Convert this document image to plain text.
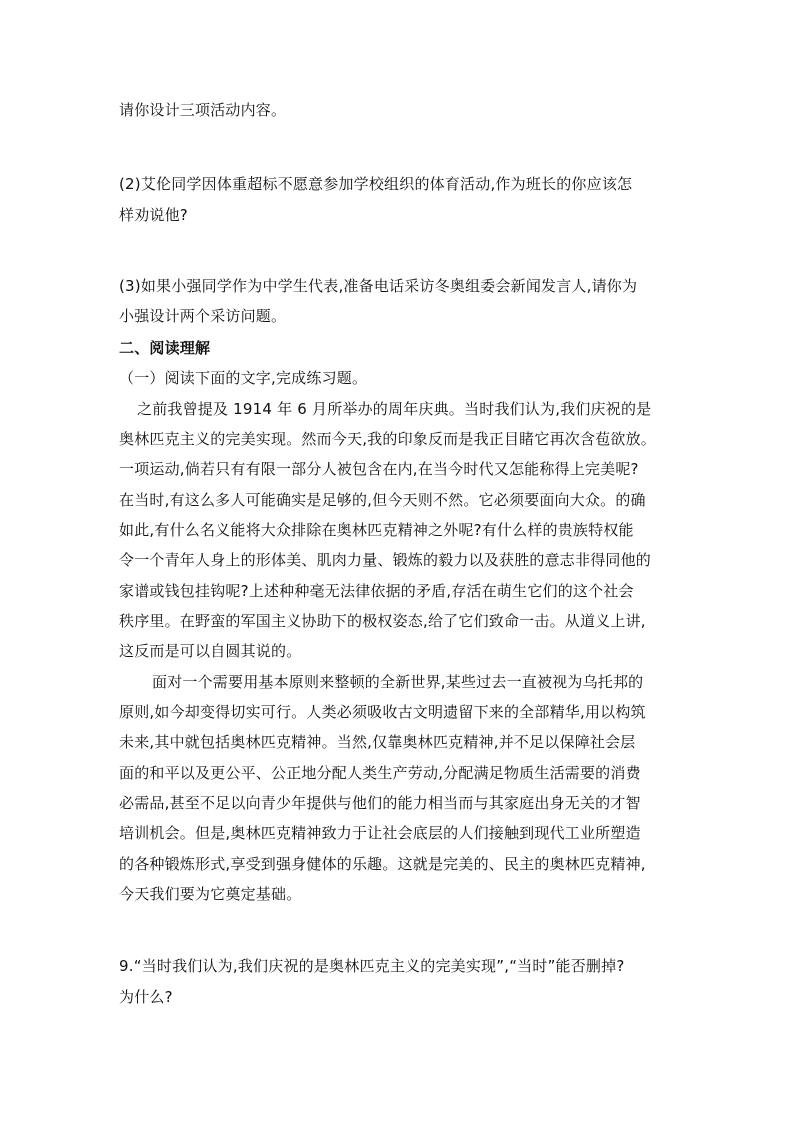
请你设计三项活动内容。
(2)艾伦同学因体重超标不愿意参加学校组织的体育活动,作为班长的你应该怎
样劝说他?
(3)如果小强同学作为中学生代表,准备电话采访冬奥组委会新闻发言人,请你为
小强设计两个采访问题。
二、阅读理解
（一）阅读下面的文字,完成练习题。
之前我曾提及 1914 年 6 月所举办的周年庆典。当时我们认为,我们庆祝的是
奥林匹克主义的完美实现。然而今天,我的印象反而是我正目睹它再次含苞欲放。
一项运动,倘若只有有限一部分人被包含在内,在当今时代又怎能称得上完美呢?
在当时,有这么多人可能确实是足够的,但今天则不然。它必须要面向大众。的确
如此,有什么名义能将大众排除在奥林匹克精神之外呢?有什么样的贵族特权能
令一个青年人身上的形体美、肌肉力量、锻炼的毅力以及获胜的意志非得同他的
家谱或钱包挂钩呢?上述种种毫无法律依据的矛盾,存活在萌生它们的这个社会
秩序里。在野蛮的军国主义协助下的极权姿态,给了它们致命一击。从道义上讲,
这反而是可以自圆其说的。
面对一个需要用基本原则来整顿的全新世界,某些过去一直被视为乌托邦的
原则,如今却变得切实可行。人类必须吸收古文明遗留下来的全部精华,用以构筑
未来,其中就包括奥林匹克精神。当然,仅靠奥林匹克精神,并不足以保障社会层
面的和平以及更公平、公正地分配人类生产劳动,分配满足物质生活需要的消费
必需品,甚至不足以向青少年提供与他们的能力相当而与其家庭出身无关的才智
培训机会。但是,奥林匹克精神致力于让社会底层的人们接触到现代工业所塑造
的各种锻炼形式,享受到强身健体的乐趣。这就是完美的、民主的奥林匹克精神,
今天我们要为它奠定基础。
9.“当时我们认为,我们庆祝的是奥林匹克主义的完美实现”,“当时”能否删掉?
为什么?
